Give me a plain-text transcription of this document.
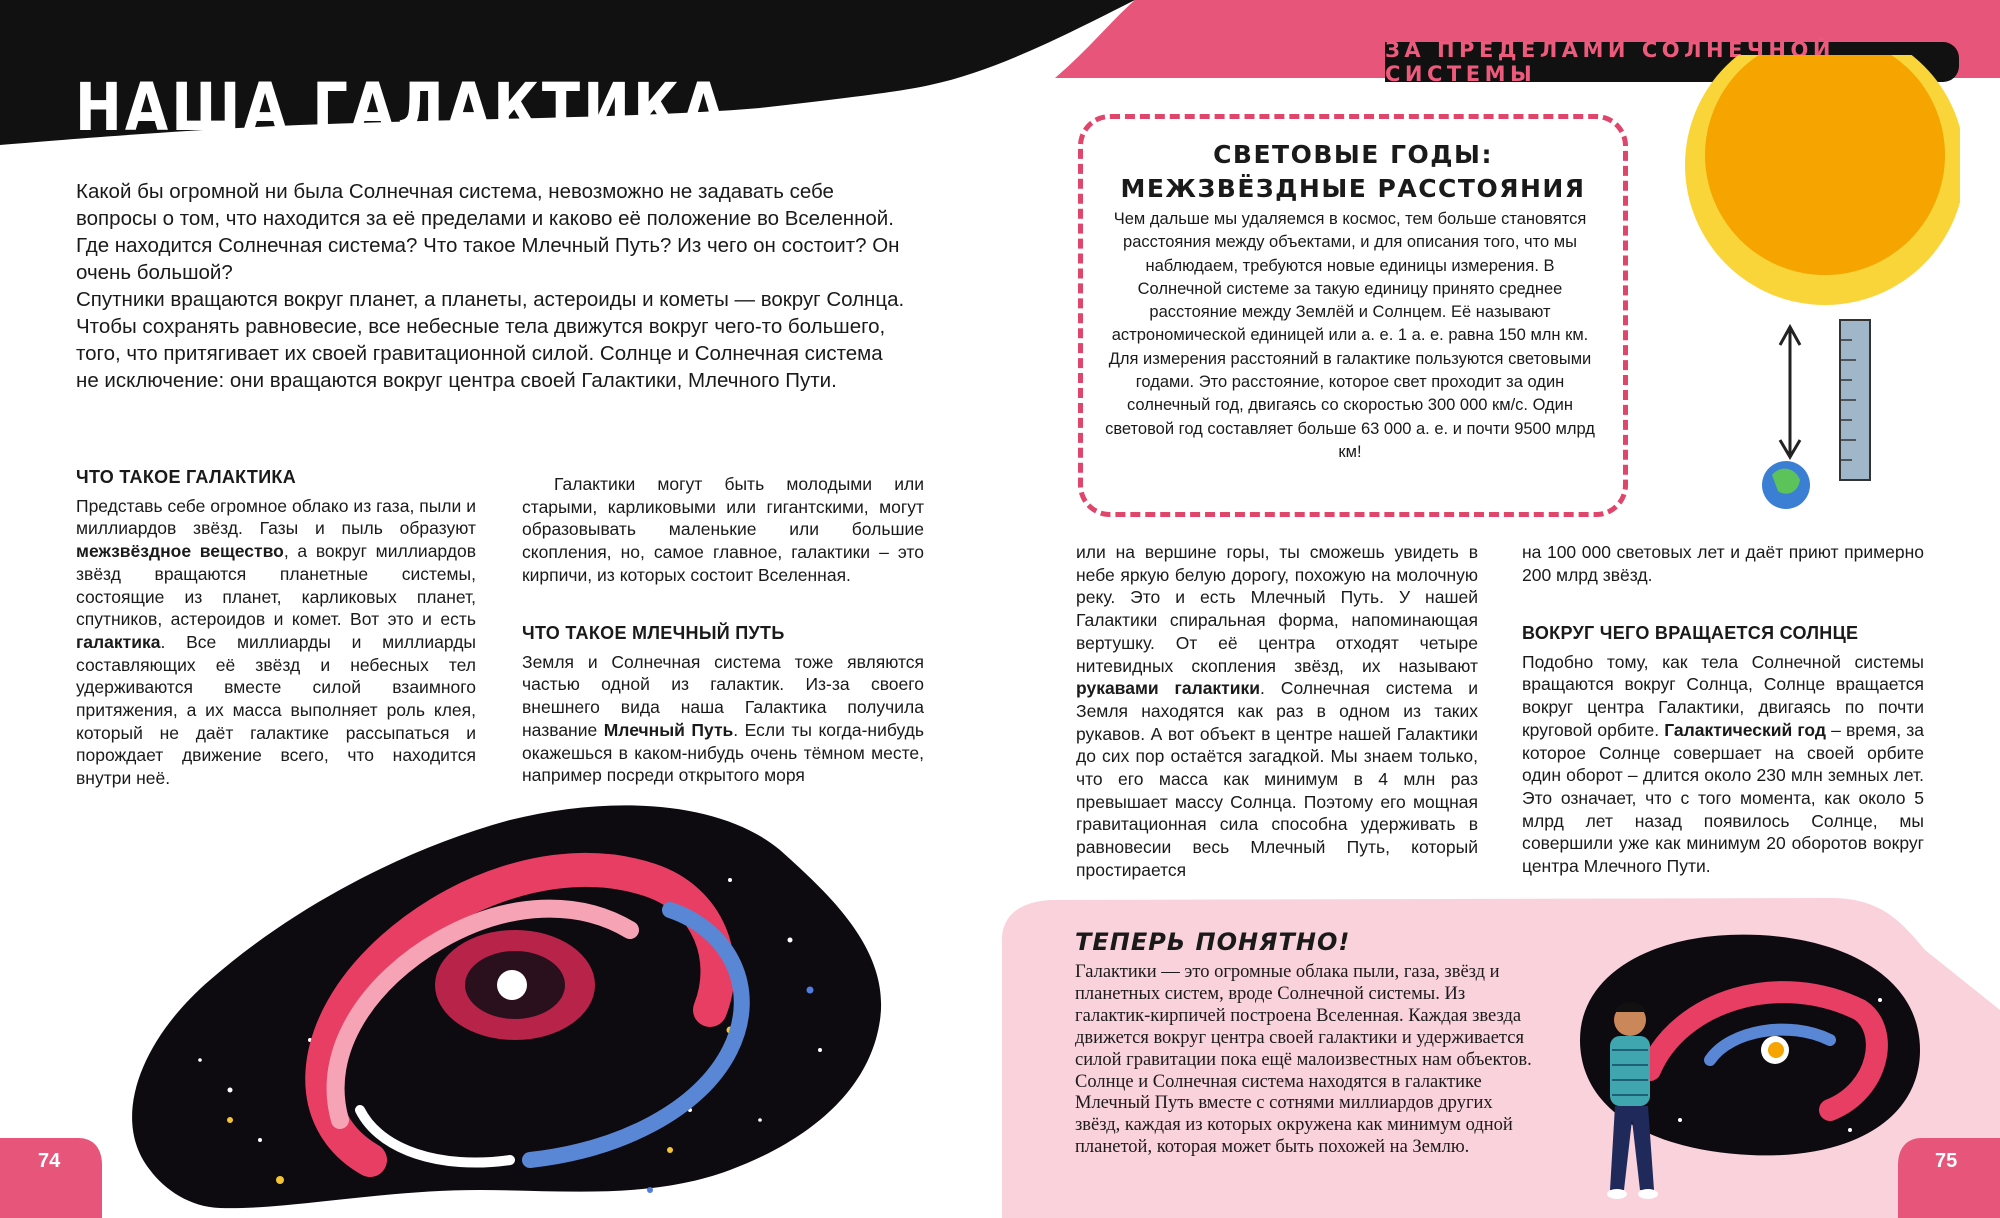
74	75
НАША ГАЛАКТИКА
ЗА ПРЕДЕЛАМИ СОЛНЕЧНОЙ СИСТЕМЫ

Какой бы огромной ни была Солнечная система, невозможно не задавать себе вопросы о том, что находится за её пределами и каково её положение во Вселенной. Где находится Солнечная система? Что такое Млечный Путь? Из чего он состоит? Он очень большой?

Спутники вращаются вокруг планет, а планеты, астероиды и кометы — вокруг Солнца. Чтобы сохранять равновесие, все небесные тела движутся вокруг чего-то большего, того, что притягивает их своей гравитационной силой. Солнце и Солнечная система не исключение: они вращаются вокруг центра своей Галактики, Млечного Пути.

ЧТО ТАКОЕ ГАЛАКТИКА

Представь себе огромное облако из газа, пыли и миллиардов звёзд. Газы и пыль образуют межзвёздное вещество, а вокруг миллиардов звёзд вращаются планетные системы, состоящие из планет, карликовых планет, спутников, астероидов и комет. Вот это и есть галактика. Все миллиарды и миллиарды составляющих её звёзд и небесных тел удерживаются вместе силой взаимного притяжения, а их масса выполняет роль клея, который не даёт галактике рассыпаться и порождает движение всего, что находится внутри неё.

Галактики могут быть молодыми или старыми, карликовыми или гигантскими, могут образовывать маленькие или большие скопления, но, самое главное, галактики – это кирпичи, из которых состоит Вселенная.

ЧТО ТАКОЕ МЛЕЧНЫЙ ПУТЬ

Земля и Солнечная система тоже являются частью одной из галактик. Из-за своего внешнего вида наша Галактика получила название Млечный Путь. Если ты когда-нибудь окажешься в каком-нибудь очень тёмном месте, например посреди открытого моря

СВЕТОВЫЕ ГОДЫ:
МЕЖЗВЁЗДНЫЕ РАССТОЯНИЯ
Чем дальше мы удаляемся в космос, тем больше становятся расстояния между объектами, и для описания того, что мы наблюдаем, требуются новые единицы измерения. В Солнечной системе за такую единицу принято среднее расстояние между Землёй и Солнцем. Её называют астрономической единицей или а. е. 1 а. е. равна 150 млн км. Для измерения расстояний в галактике пользуются световыми годами. Это расстояние, которое свет проходит за один солнечный год, двигаясь со скоростью 300 000 км/с. Один световой год составляет больше 63 000 а. е. и почти 9500 млрд км!

или на вершине горы, ты сможешь увидеть в небе яркую белую дорогу, похожую на молочную реку. Это и есть Млечный Путь. У нашей Галактики спиральная форма, напоминающая вертушку. От её центра отходят четыре нитевидных скопления звёзд, их называют рукавами галактики. Солнечная система и Земля находятся как раз в одном из таких рукавов. А вот объект в центре нашей Галактики до сих пор остаётся загадкой. Мы знаем только, что его масса как минимум в 4 млн раз превышает массу Солнца. Поэтому его мощная гравитационная сила способна удерживать в равновесии весь Млечный Путь, который простирается

на 100 000 световых лет и даёт приют примерно 200 млрд звёзд.

ВОКРУГ ЧЕГО ВРАЩАЕТСЯ СОЛНЦЕ

Подобно тому, как тела Солнечной системы вращаются вокруг Солнца, Солнце вращается вокруг центра Галактики, двигаясь по почти круговой орбите. Галактический год – время, за которое Солнце совершает на своей орбите один оборот – длится около 230 млн земных лет. Это означает, что с того момента, как около 5 млрд лет назад появилось Солнце, мы совершили уже как минимум 20 оборотов вокруг центра Млечного Пути.

ТЕПЕРЬ ПОНЯТНО!
Галактики — это огромные облака пыли, газа, звёзд и планетных систем, вроде Солнечной системы. Из галактик-кирпичей построена Вселенная. Каждая звезда движется вокруг центра своей галактики и удерживается силой гравитации пока ещё малоизвестных нам объектов. Солнце и Солнечная система находятся в галактике Млечный Путь вместе с сотнями миллиардов других звёзд, каждая из которых окружена как минимум одной планетой, которая может быть похожей на Землю.
